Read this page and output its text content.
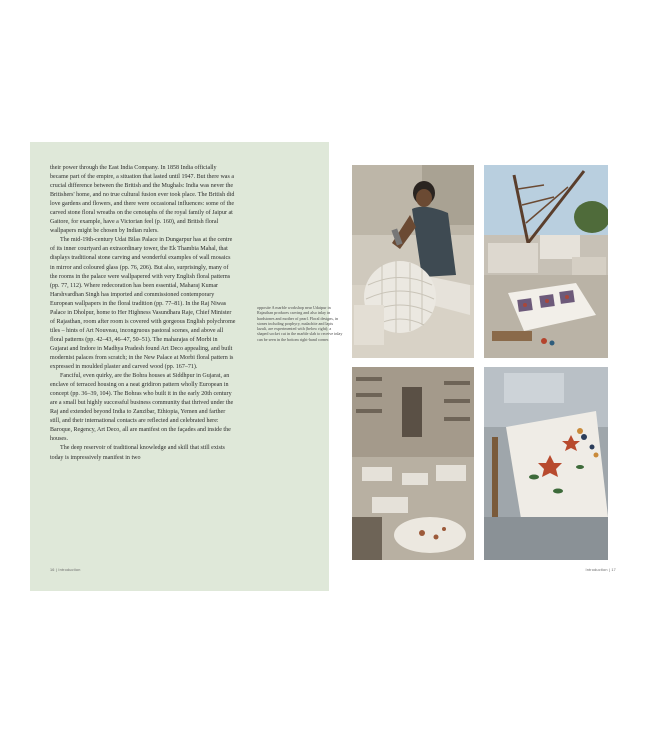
their power through the East India Company. In 1858 India officially became part of the empire, a situation that lasted until 1947. But there was a crucial difference between the British and the Mughals: India was never the Britishers' home, and no true cultural fusion ever took place. The British did love gardens and flowers, and there were occasional influences: some of the carved stone floral wreaths on the cenotaphs of the royal family of Jaipur at Gaitore, for example, have a Victorian feel (p. 160), and British floral wallpapers might be chosen by Indian rulers.
The mid-19th-century Udai Bilas Palace in Dungarpur has at the centre of its inner courtyard an extraordinary tower, the Ek Thambia Mahal, that displays traditional stone carving and wonderful examples of wall mosaics in mirror and coloured glass (pp. 76, 206). But also, surprisingly, many of the rooms in the palace were wallpapered with very English floral patterns (pp. 77, 112). Where redecoration has been essential, Maharaj Kumar Harshvardhan Singh has imported and commissioned contemporary European wallpapers in the floral tradition (pp. 77–81). In the Raj Niwas Palace in Dholpur, home to Her Highness Vasundhara Raje, Chief Minister of Rajasthan, room after room is covered with gorgeous English polychrome tiles – hints of Art Nouveau, incongruous pastoral scenes, and above all floral patterns (pp. 42–43, 46–47, 50–51). The maharajas of Morbi in Gujarat and Indore in Madhya Pradesh found Art Deco appealing, and built modernist palaces from scratch; in the New Palace at Morbi floral pattern is expressed in moulded plaster and carved wood (pp. 167–71).
Fanciful, even quirky, are the Bohra houses at Siddhpur in Gujarat, an enclave of terraced housing on a neat gridiron pattern wholly European in concept (pp. 36–39, 104). The Bohras who built it in the early 20th century are a small but highly successful business community that thrived under the Raj and extended beyond India to Zanzibar, Ethiopia, Yemen and farther still, and their international contacts are reflected and celebrated here: Baroque, Regency, Art Deco, all are manifest on the façades and inside the houses.
The deep reservoir of traditional knowledge and skill that still exists today is impressively manifest in two

opposite A marble workshop near Udaipur in Rajasthan produces carving and also inlay in hardstones and mother of pearl. Floral designs, in stones including porphyry, malachite and lapis lazuli, are experimented with (below right); a shaped socket cut in the marble slab to receive inlay can be seen in the bottom right-hand corner.

16 | Introduction	Introduction | 17
